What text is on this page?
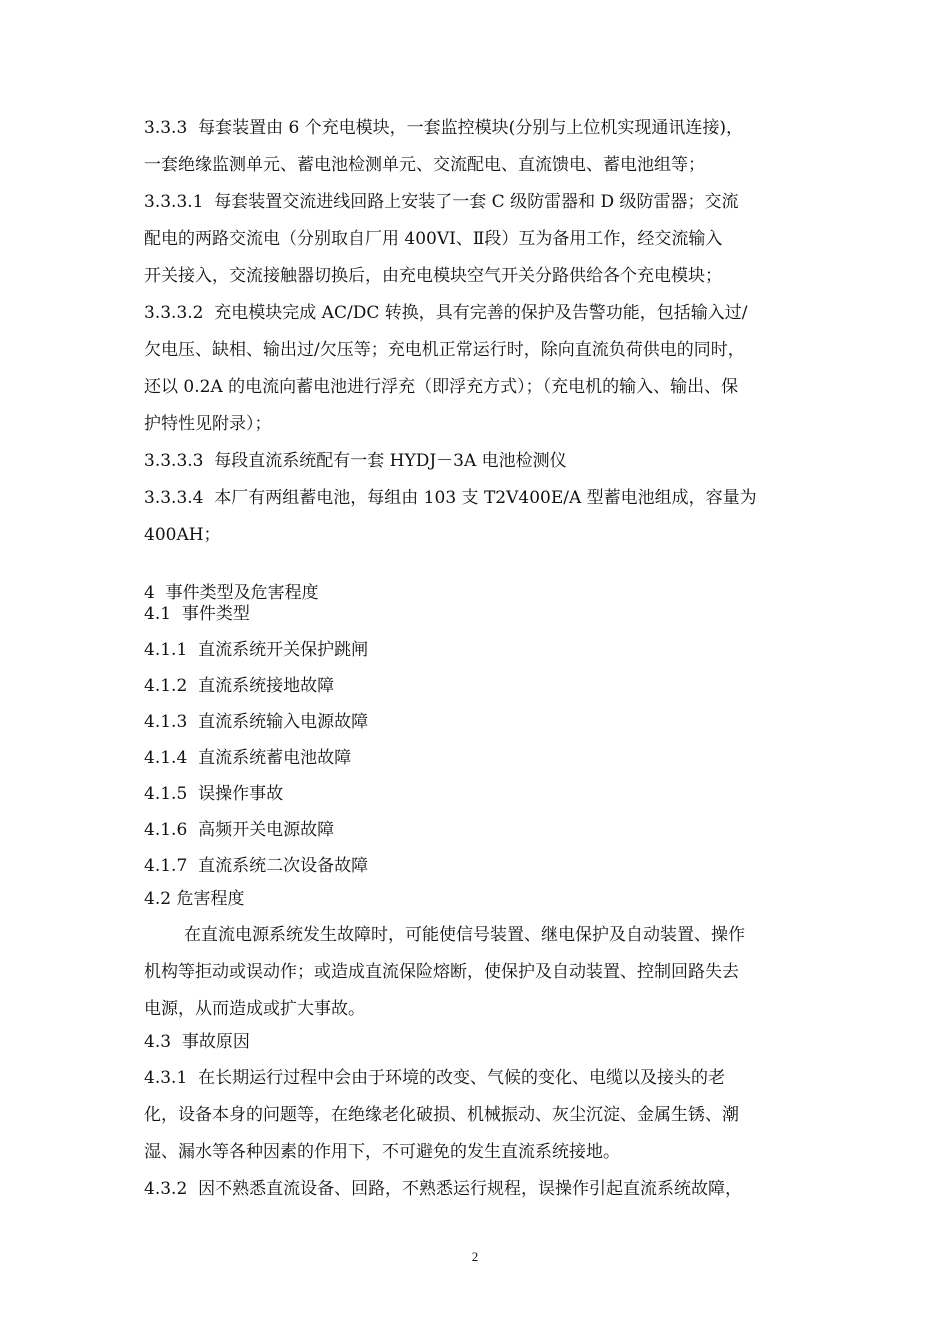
3.3.3  每套装置由 6 个充电模块，一套监控模块(分别与上位机实现通讯连接)，

一套绝缘监测单元、蓄电池检测单元、交流配电、直流馈电、蓄电池组等；

3.3.3.1  每套装置交流进线回路上安装了一套 C 级防雷器和 D 级防雷器；交流

配电的两路交流电（分别取自厂用 400VⅠ、Ⅱ段）互为备用工作，经交流输入

开关接入，交流接触器切换后，由充电模块空气开关分路供给各个充电模块；

3.3.3.2  充电模块完成 AC/DC 转换，具有完善的保护及告警功能，包括输入过/

欠电压、缺相、输出过/欠压等；充电机正常运行时，除向直流负荷供电的同时，

还以 0.2A 的电流向蓄电池进行浮充（即浮充方式）；（充电机的输入、输出、保

护特性见附录）；

3.3.3.3  每段直流系统配有一套 HYDJ－3A 电池检测仪

3.3.3.4  本厂有两组蓄电池，每组由 103 支 T2V400E/A 型蓄电池组成，容量为

400AH；

4  事件类型及危害程度

4.1  事件类型

4.1.1  直流系统开关保护跳闸

4.1.2  直流系统接地故障

4.1.3  直流系统输入电源故障

4.1.4  直流系统蓄电池故障

4.1.5  误操作事故

4.1.6  高频开关电源故障

4.1.7  直流系统二次设备故障

4.2 危害程度

在直流电源系统发生故障时，可能使信号装置、继电保护及自动装置、操作

机构等拒动或误动作；或造成直流保险熔断，使保护及自动装置、控制回路失去

电源，从而造成或扩大事故。

4.3  事故原因

4.3.1  在长期运行过程中会由于环境的改变、气候的变化、电缆以及接头的老

化，设备本身的问题等，在绝缘老化破损、机械振动、灰尘沉淀、金属生锈、潮

湿、漏水等各种因素的作用下，不可避免的发生直流系统接地。

4.3.2  因不熟悉直流设备、回路，不熟悉运行规程，误操作引起直流系统故障，

2
